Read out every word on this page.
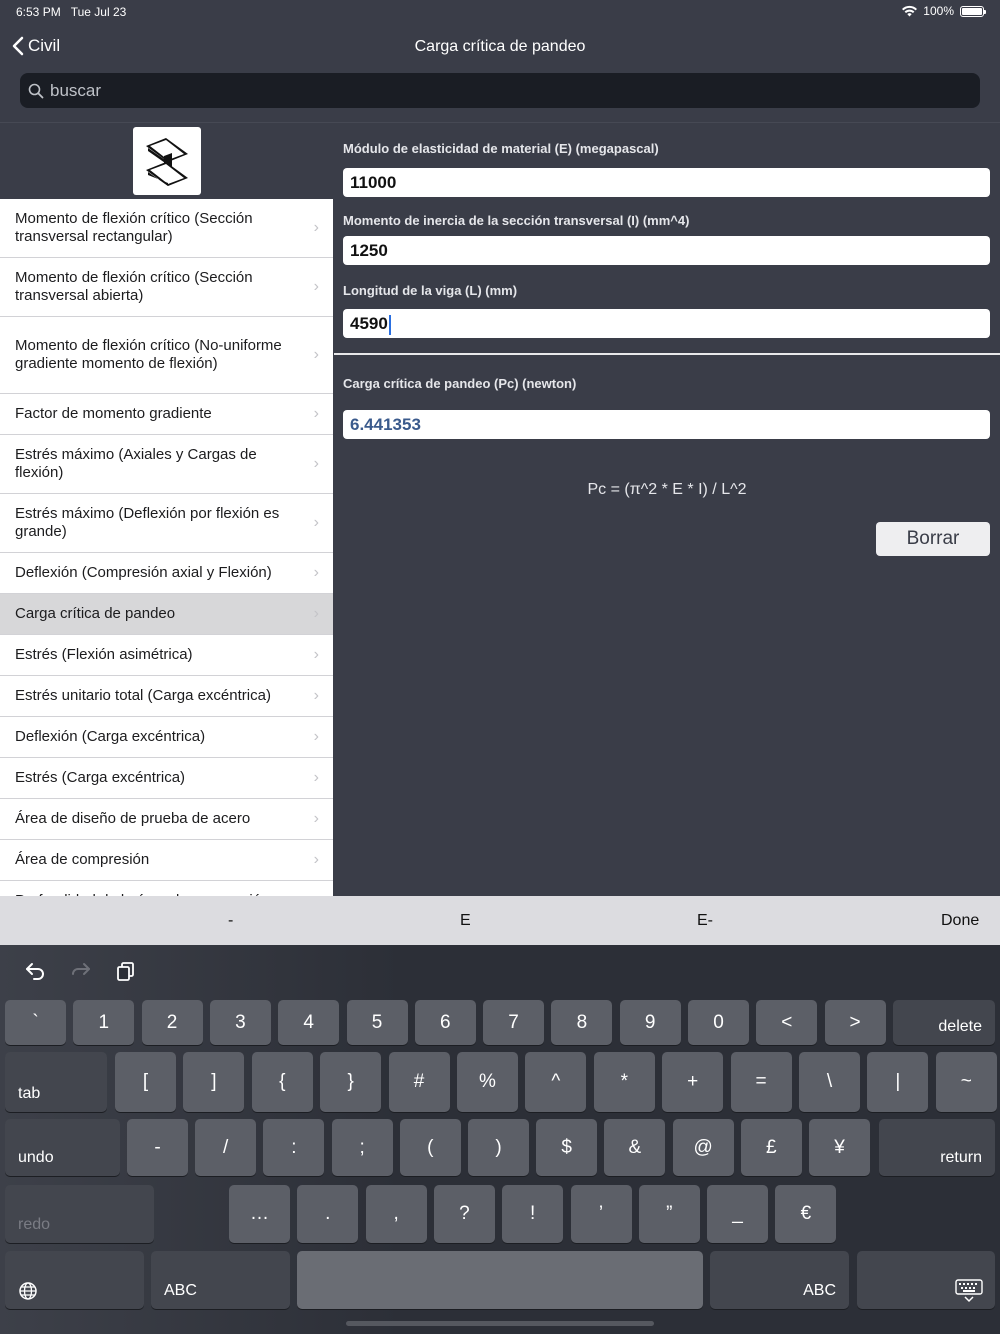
6:53 PM Tue Jul 23	100%
Civil	Carga crítica de pandeo
buscar
Momento de flexión crítico (Sección transversal rectangular)
›
Momento de flexión crítico (Sección transversal abierta)
›
Momento de flexión crítico (No-uniforme gradiente momento de flexión)
›
Factor de momento gradiente	›
Estrés máximo (Axiales y Cargas de flexión)
›
Estrés máximo (Deflexión por flexión es grande)
›
Deflexión (Compresión axial y Flexión)	›
Carga crítica de pandeo	›
Estrés (Flexión asimétrica)	›
Estrés unitario total (Carga excéntrica)	›
Deflexión (Carga excéntrica)	›
Estrés (Carga excéntrica)	›
Área de diseño de prueba de acero	›
Área de compresión	›
Módulo de elasticidad de material (E) (megapascal)
11000
Momento de inercia de la sección transversal (I) (mm^4)
1250
Longitud de la viga (L) (mm)
4590
Carga crítica de pandeo (Pc) (newton)
6.441353
Pc = (π^2 * E * I) / L^2
Borrar
-	E	E-	Done
`	1	2	3	4	5	6	7	8	9	0	<	>	delete
tab
[	]	{	}	#	%	^	*	+	=	\	|	~
undo	-	/	:	;	(	)	$	&	@	£	¥	return
redo
…	.	,	?	!	’	”	_	€
ABC	ABC
